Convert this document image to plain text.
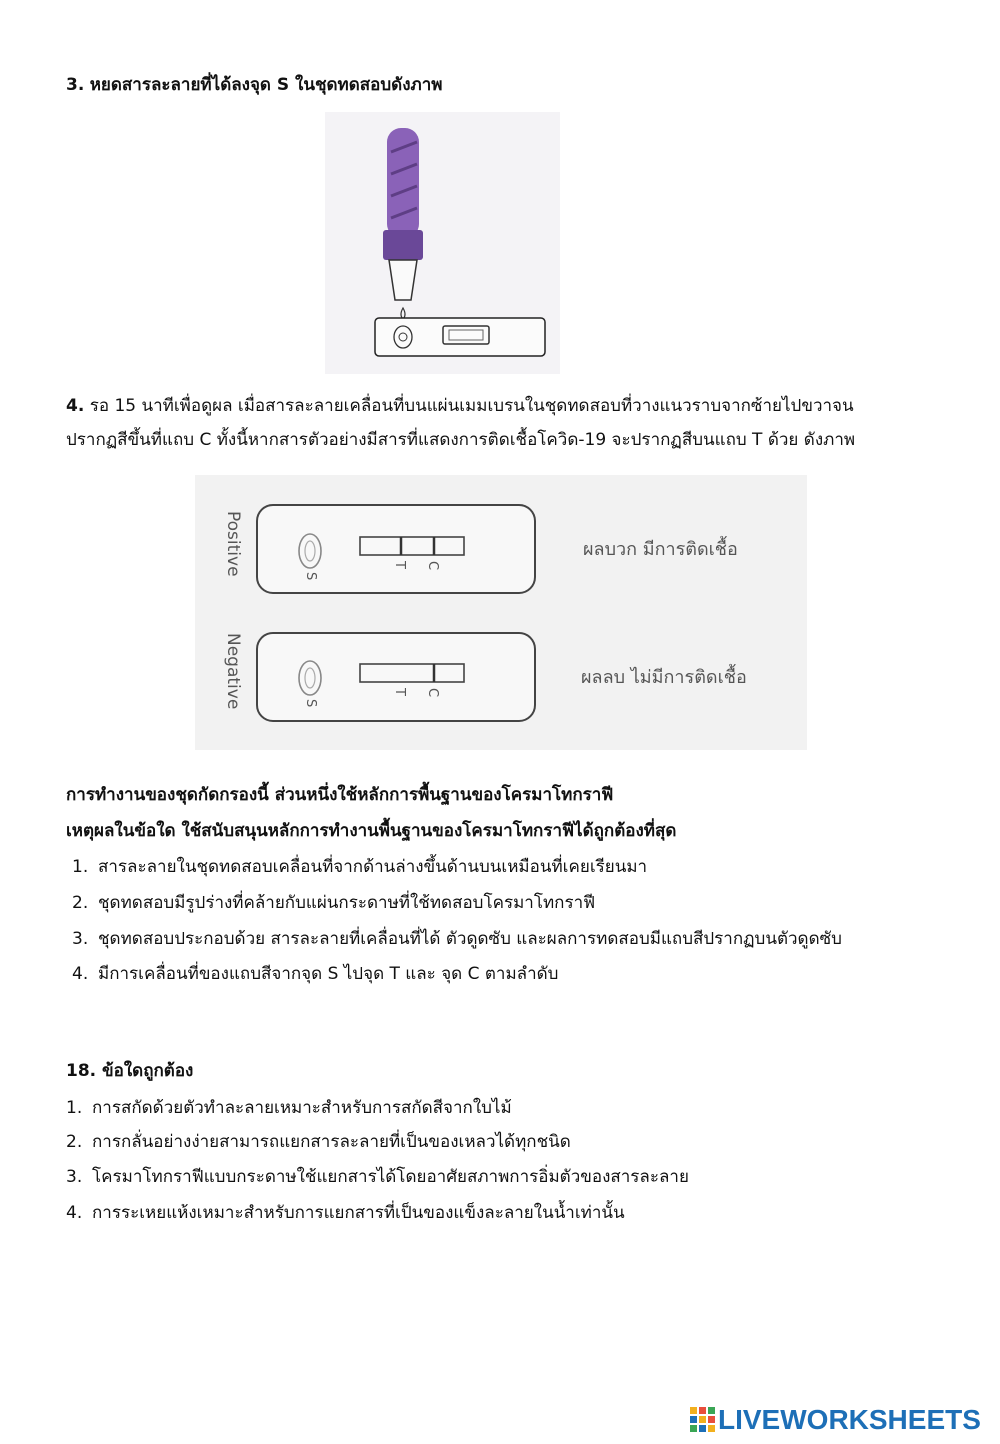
3. หยดสารละลายที่ได้ลงจุด S ในชุดทดสอบดังภาพ
4. รอ 15 นาทีเพื่อดูผล เมื่อสารละลายเคลื่อนที่บนแผ่นเมมเบรนในชุดทดสอบที่วางแนวราบจากซ้ายไปขวาจน
ปรากฏสีขึ้นที่แถบ C ทั้งนี้หากสารตัวอย่างมีสารที่แสดงการติดเชื้อโควิด-19 จะปรากฏสีบนแถบ T ด้วย ดังภาพ
Positive	S
T C
ผลบวก มีการติดเชื้อ
Negative	S
T C
ผลลบ ไม่มีการติดเชื้อ
การทำงานของชุดกัดกรองนี้ ส่วนหนึ่งใช้หลักการพื้นฐานของโครมาโทกราฟี
เหตุผลในข้อใด ใช้สนับสนุนหลักการทำงานพื้นฐานของโครมาโทกราฟีได้ถูกต้องที่สุด
1. สารละลายในชุดทดสอบเคลื่อนที่จากด้านล่างขึ้นด้านบนเหมือนที่เคยเรียนมา
2. ชุดทดสอบมีรูปร่างที่คล้ายกับแผ่นกระดาษที่ใช้ทดสอบโครมาโทกราฟี
3. ชุดทดสอบประกอบด้วย สารละลายที่เคลื่อนที่ได้ ตัวดูดซับ และผลการทดสอบมีแถบสีปรากฏบนตัวดูดซับ
4. มีการเคลื่อนที่ของแถบสีจากจุด S ไปจุด T และ จุด C ตามลำดับ
18. ข้อใดถูกต้อง
1. การสกัดด้วยตัวทำละลายเหมาะสำหรับการสกัดสีจากใบไม้
2. การกลั่นอย่างง่ายสามารถแยกสารละลายที่เป็นของเหลวได้ทุกชนิด
3. โครมาโทกราฟีแบบกระดาษใช้แยกสารได้โดยอาศัยสภาพการอิ่มตัวของสารละลาย
4. การระเหยแห้งเหมาะสำหรับการแยกสารที่เป็นของแข็งละลายในน้ำเท่านั้น
LIVEWORKSHEETS
